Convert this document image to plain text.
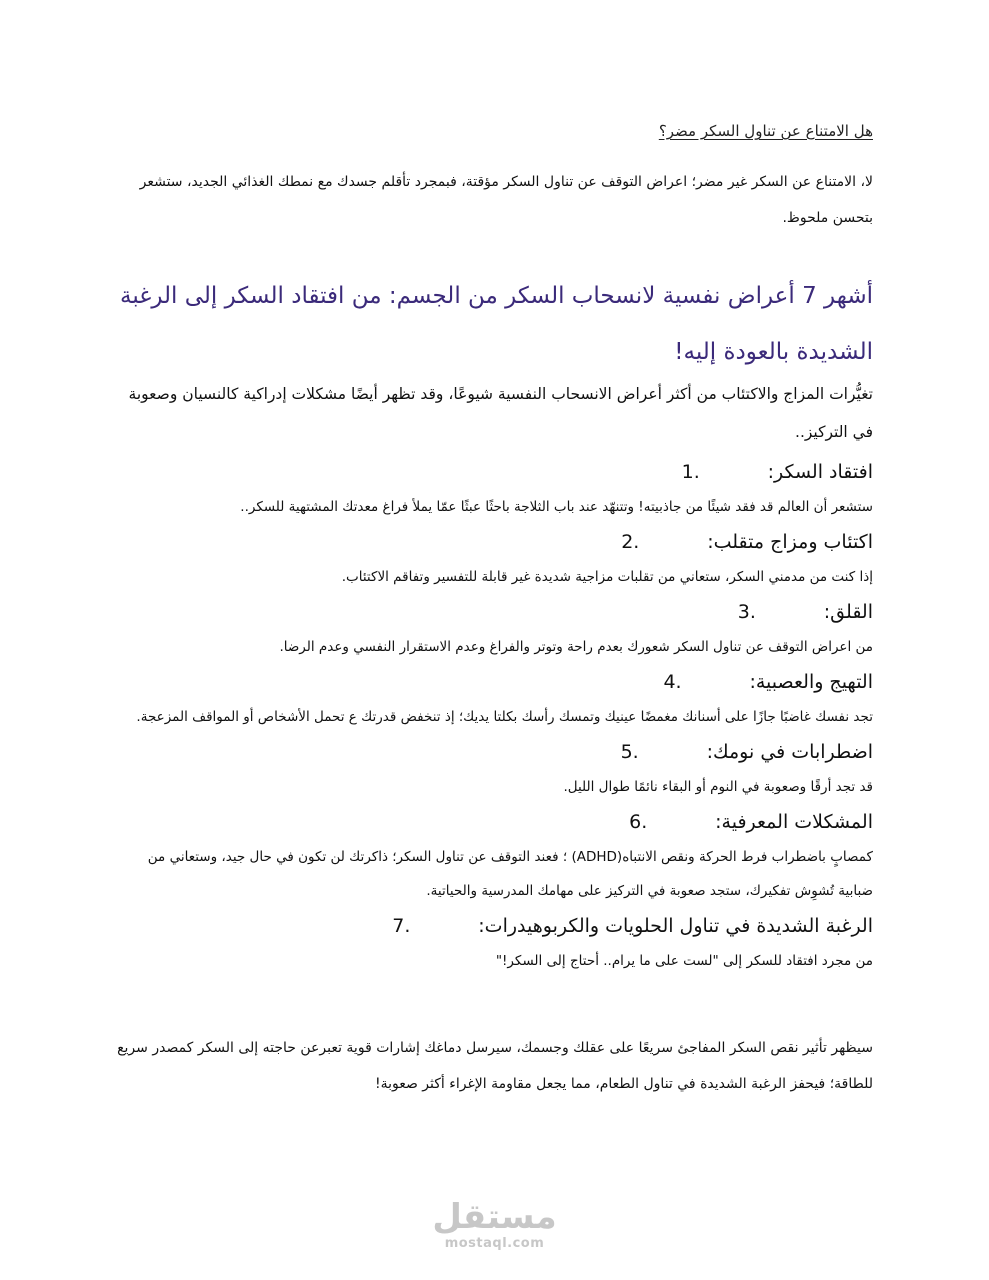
هل الامتناع عن تناول السكر مضر؟
لا، الامتناع عن السكر غير مضر؛ اعراض التوقف عن تناول السكر مؤقتة، فبمجرد تأقلم جسدك مع نمطك الغذائي الجديد، ستشعر بتحسن ملحوظ.
أشهر 7 أعراض نفسية لانسحاب السكر من الجسم: من افتقاد السكر إلى الرغبة الشديدة بالعودة إليه!
تغيُّرات المزاج والاكتئاب من أكثر أعراض الانسحاب النفسية شيوعًا، وقد تظهر أيضًا مشكلات إدراكية كالنسيان وصعوبة في التركيز..
1.	افتقاد السكر:
ستشعر أن العالم قد فقد شيئًا من جاذبيته! وتتنهّد عند باب الثلاجة باحثًا عبثًا عمّا يملأ فراغ معدتك المشتهية للسكر..
2.	اكتئاب ومزاج متقلب:
إذا كنت من مدمني السكر، ستعاني من تقلبات مزاجية شديدة غير قابلة للتفسير وتفاقم الاكتئاب.
3.	القلق:
من اعراض التوقف عن تناول السكر شعورك بعدم راحة وتوتر والفراغ وعدم الاستقرار النفسي وعدم الرضا.
4.	التهيج والعصبية:
تجد نفسك غاضبًا جازًا على أسنانك مغمضًا عينيك وتمسك رأسك بكلتا يديك؛ إذ تنخفض قدرتك ع تحمل الأشخاص أو المواقف المزعجة.
5.	اضطرابات في نومك:
قد تجد أرقًا وصعوبة في النوم أو البقاء نائمًا طوال الليل.
6.	المشكلات المعرفية:
كمصابٍ باضطراب فرط الحركة ونقص الانتباه(ADHD) ؛ فعند التوقف عن تناول السكر؛ ذاكرتك لن تكون في حال جيد، وستعاني من ضبابية تُشوِش تفكيرك، ستجد صعوبة في التركيز على مهامك المدرسية والحياتية.
7.	الرغبة الشديدة في تناول الحلويات والكربوهيدرات:
من مجرد افتقاد للسكر إلى "لست على ما يرام.. أحتاج إلى السكر!"
سيظهر تأثير نقص السكر المفاجئ سريعًا على عقلك وجسمك، سيرسل دماغك إشارات قوية تعبرعن حاجته إلى السكر كمصدر سريع للطاقة؛ فيحفز الرغبة الشديدة في تناول الطعام، مما يجعل مقاومة الإغراء أكثر صعوبة!
مستقل
mostaql.com
